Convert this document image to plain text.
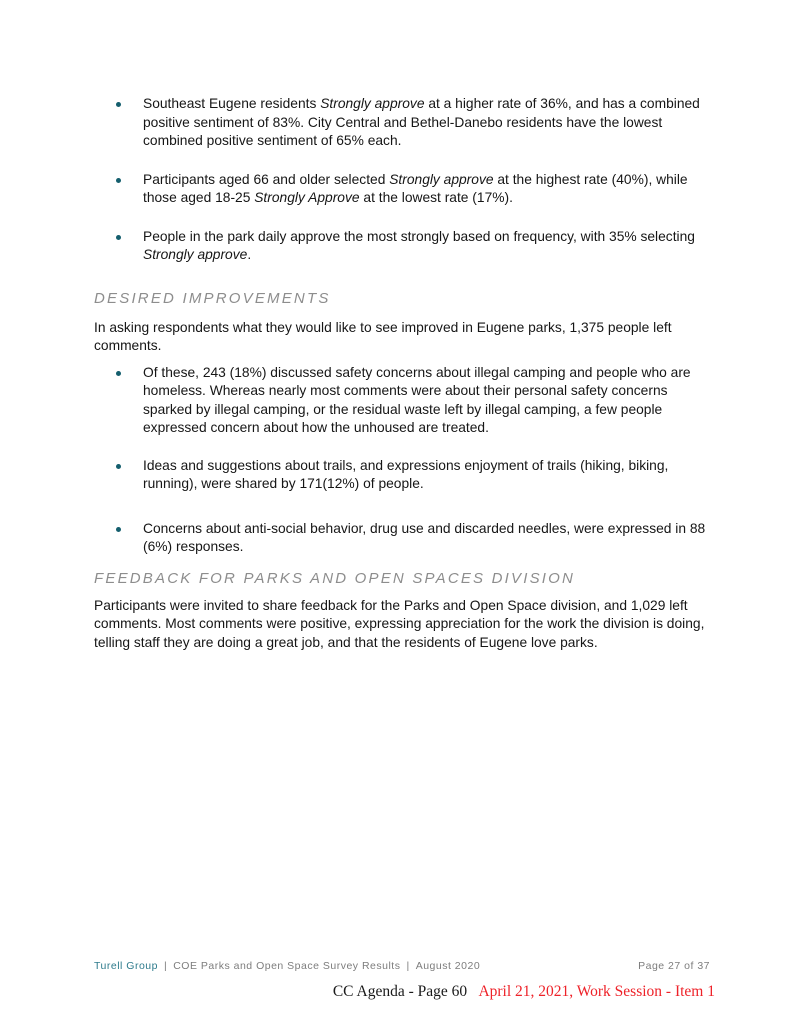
Southeast Eugene residents Strongly approve at a higher rate of 36%, and has a combined positive sentiment of 83%. City Central and Bethel-Danebo residents have the lowest combined positive sentiment of 65% each.
Participants aged 66 and older selected Strongly approve at the highest rate (40%), while those aged 18-25 Strongly Approve at the lowest rate (17%).
People in the park daily approve the most strongly based on frequency, with 35% selecting Strongly approve.
DESIRED IMPROVEMENTS

In asking respondents what they would like to see improved in Eugene parks, 1,375 people left comments.

Of these, 243 (18%) discussed safety concerns about illegal camping and people who are homeless. Whereas nearly most comments were about their personal safety concerns sparked by illegal camping, or the residual waste left by illegal camping, a few people expressed concern about how the unhoused are treated.
Ideas and suggestions about trails, and expressions enjoyment of trails (hiking, biking, running), were shared by 171(12%) of people.
Concerns about anti-social behavior, drug use and discarded needles, were expressed in 88 (6%) responses.
FEEDBACK FOR PARKS AND OPEN SPACES DIVISION

Participants were invited to share feedback for the Parks and Open Space division, and 1,029 left comments. Most comments were positive, expressing appreciation for the work the division is doing, telling staff they are doing a great job, and that the residents of Eugene love parks.

Turell Group | COE Parks and Open Space Survey Results | August 2020	Page 27 of 37
CC Agenda - Page 60 April 21, 2021, Work Session - Item 1
